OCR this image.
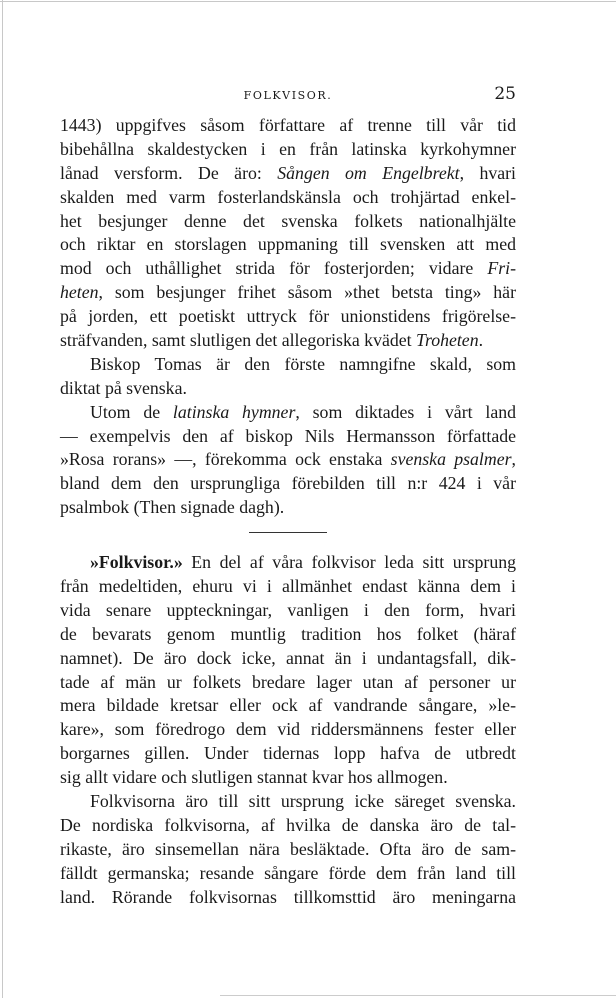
FOLKVISOR.	25
1443) uppgifves såsom författare af trenne till vår tid
bibehållna skaldestycken i en från latinska kyrkohymner
lånad versform. De äro: Sången om Engelbrekt, hvari
skalden med varm fosterlandskänsla och trohjärtad enkel-
het besjunger denne det svenska folkets nationalhjälte
och riktar en storslagen uppmaning till svensken att med
mod och uthållighet strida för fosterjorden; vidare Fri-
heten, som besjunger frihet såsom »thet betsta ting» här
på jorden, ett poetiskt uttryck för unionstidens frigörelse-
sträfvanden, samt slutligen det allegoriska kvädet Troheten.
Biskop Tomas är den förste namngifne skald, som
diktat på svenska.
Utom de latinska hymner, som diktades i vårt land
— exempelvis den af biskop Nils Hermansson författade
»Rosa rorans» —, förekomma ock enstaka svenska psalmer,
bland dem den ursprungliga förebilden till n:r 424 i vår
psalmbok (Then signade dagh).
»Folkvisor.» En del af våra folkvisor leda sitt ursprung
från medeltiden, ehuru vi i allmänhet endast känna dem i
vida senare uppteckningar, vanligen i den form, hvari
de bevarats genom muntlig tradition hos folket (häraf
namnet). De äro dock icke, annat än i undantagsfall, dik-
tade af män ur folkets bredare lager utan af personer ur
mera bildade kretsar eller ock af vandrande sångare, »le-
kare», som föredrogo dem vid riddersmännens fester eller
borgarnes gillen. Under tidernas lopp hafva de utbredt
sig allt vidare och slutligen stannat kvar hos allmogen.
Folkvisorna äro till sitt ursprung icke säreget svenska.
De nordiska folkvisorna, af hvilka de danska äro de tal-
rikaste, äro sinsemellan nära besläktade. Ofta äro de sam-
fälldt germanska; resande sångare förde dem från land till
land. Rörande folkvisornas tillkomsttid äro meningarna
